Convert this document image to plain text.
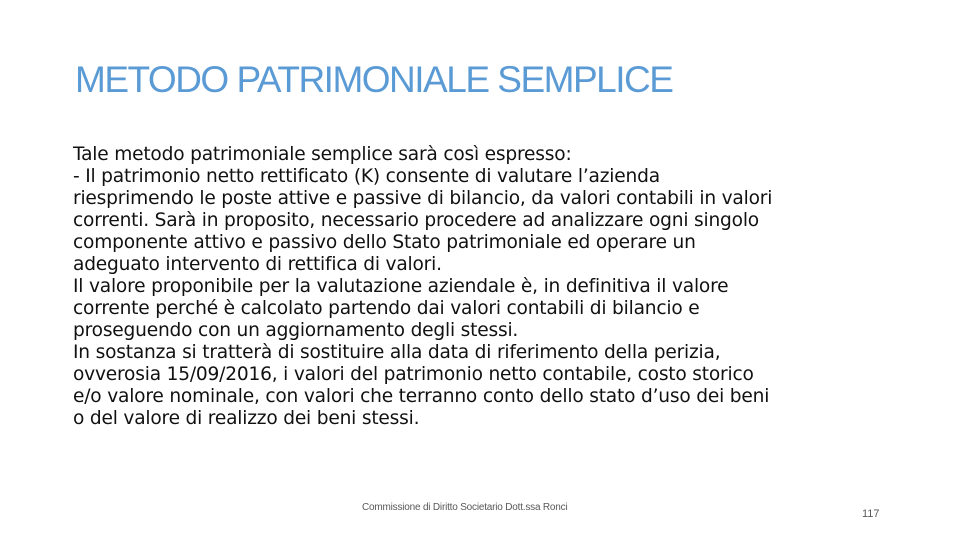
METODO PATRIMONIALE SEMPLICE
Tale metodo patrimoniale semplice sarà così espresso:
- Il patrimonio netto rettificato (K) consente di valutare l’azienda
riesprimendo le poste attive e passive di bilancio, da valori contabili in valori
correnti. Sarà in proposito, necessario procedere ad analizzare ogni singolo
componente attivo e passivo dello Stato patrimoniale ed operare un
adeguato intervento di rettifica di valori.
Il valore proponibile per la valutazione aziendale è, in definitiva il valore
corrente perché è calcolato partendo dai valori contabili di bilancio e
proseguendo con un aggiornamento degli stessi.
In sostanza si tratterà di sostituire alla data di riferimento della perizia,
ovverosia 15/09/2016, i valori del patrimonio netto contabile, costo storico
e/o valore nominale, con valori che terranno conto dello stato d’uso dei beni
o del valore di realizzo dei beni stessi.
Commissione di Diritto Societario Dott.ssa Ronci
117
